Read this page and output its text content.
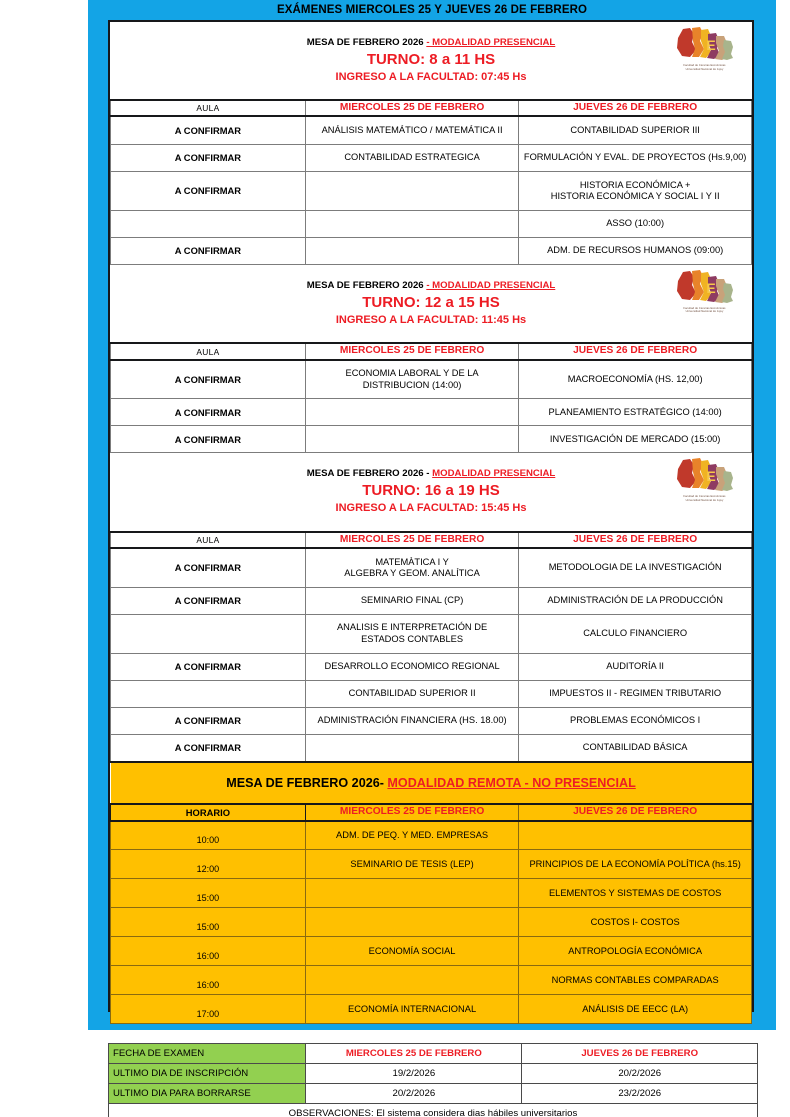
EXÁMENES MIERCOLES 25 Y JUEVES 26 DE FEBRERO
E
Facultad de Ciencias Económicas
Universidad Nacional de Jujuy
MESA DE FEBRERO 2026 - MODALIDAD PRESENCIAL
TURNO: 8 a 11 HS
INGRESO A LA FACULTAD: 07:45 Hs

AULA	MIERCOLES 25 DE FEBRERO	JUEVES 26 DE FEBRERO
A CONFIRMAR	ANÁLISIS MATEMÁTICO / MATEMÁTICA II	CONTABILIDAD SUPERIOR III
A CONFIRMAR	CONTABILIDAD ESTRATEGICA	FORMULACIÓN Y EVAL. DE PROYECTOS (Hs.9,00)
A CONFIRMAR		HISTORIA ECONÓMICA +
HISTORIA ECONÓMICA Y SOCIAL I Y II
		ASSO (10:00)
A CONFIRMAR		ADM. DE RECURSOS HUMANOS (09:00)

E
Facultad de Ciencias Económicas
Universidad Nacional de Jujuy
MESA DE FEBRERO 2026 - MODALIDAD PRESENCIAL
TURNO: 12 a 15 HS
INGRESO A LA FACULTAD: 11:45 Hs

AULA	MIERCOLES 25 DE FEBRERO	JUEVES 26 DE FEBRERO
A CONFIRMAR	ECONOMIA LABORAL Y DE LA
DISTRIBUCION (14:00)	MACROECONOMÍA (HS. 12,00)
A CONFIRMAR		PLANEAMIENTO ESTRATÉGICO (14:00)
A CONFIRMAR		INVESTIGACIÓN DE MERCADO (15:00)

E
Facultad de Ciencias Económicas
Universidad Nacional de Jujuy
MESA DE FEBRERO 2026 - MODALIDAD PRESENCIAL
TURNO: 16 a 19 HS
INGRESO A LA FACULTAD: 15:45 Hs

AULA	MIERCOLES 25 DE FEBRERO	JUEVES 26 DE FEBRERO
A CONFIRMAR	MATEMÀTICA I Y
ALGEBRA Y GEOM. ANALÍTICA	METODOLOGIA DE LA INVESTIGACIÓN
A CONFIRMAR	SEMINARIO FINAL (CP)	ADMINISTRACIÓN DE LA PRODUCCIÓN
	ANALISIS E INTERPRETACIÓN DE
ESTADOS CONTABLES	CALCULO FINANCIERO
A CONFIRMAR	DESARROLLO ECONOMICO REGIONAL	AUDITORÍA II
	CONTABILIDAD SUPERIOR II	IMPUESTOS II - REGIMEN TRIBUTARIO
A CONFIRMAR	ADMINISTRACIÓN FINANCIERA (HS. 18.00)	PROBLEMAS ECONÓMICOS I
A CONFIRMAR		CONTABILIDAD BÁSICA
MESA DE FEBRERO 2026- MODALIDAD REMOTA - NO PRESENCIAL		
HORARIO	MIERCOLES 25 DE FEBRERO	JUEVES 26 DE FEBRERO
10:00	ADM. DE PEQ. Y MED. EMPRESAS	
12:00	SEMINARIO DE TESIS (LEP)	PRINCIPIOS DE LA ECONOMÍA POLÍTICA (hs.15)
15:00		ELEMENTOS Y SISTEMAS DE COSTOS
15:00		COSTOS I- COSTOS
16:00	ECONOMÍA SOCIAL	ANTROPOLOGÍA ECONÓMICA
16:00		NORMAS CONTABLES COMPARADAS
17:00	ECONOMÍA INTERNACIONAL	ANÁLISIS DE EECC (LA)
FECHA DE EXAMEN	MIERCOLES 25 DE FEBRERO	JUEVES 26 DE FEBRERO
ULTIMO DIA DE INSCRIPCIÓN	19/2/2026	20/2/2026
ULTIMO DIA PARA BORRARSE	20/2/2026	23/2/2026
OBSERVACIONES: El sistema considera dias hábiles universitarios		
